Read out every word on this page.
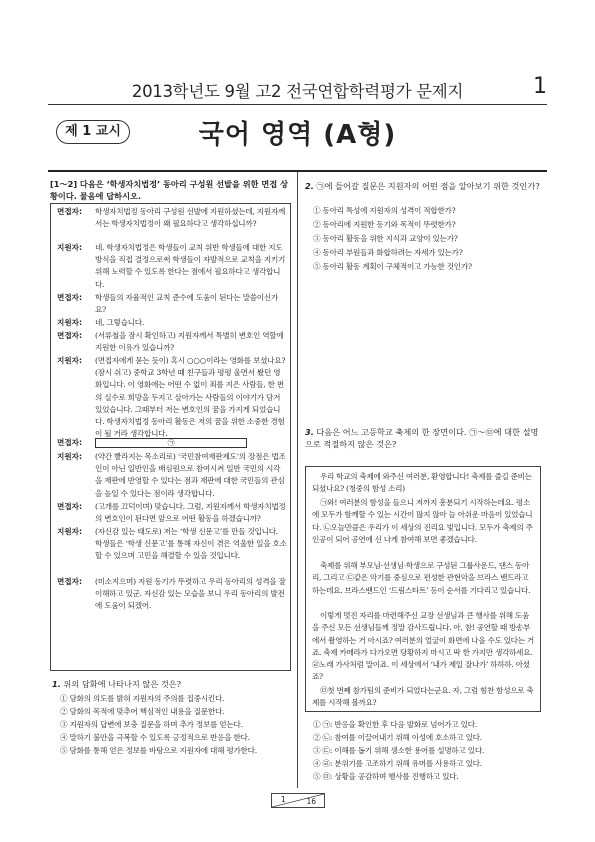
2013학년도 9월 고2 전국연합학력평가 문제지	1
제 1 교시	국어 영역 (A형)
[1～2] 다음은 ‘학생자치법정’ 동아리 구성원 선발을 위한 면접 상황이다. 물음에 답하시오.
면접자:	학생자치법정 동아리 구성원 선발에 지원하셨는데, 지원자께서는 학생자치법정이 왜 필요하다고 생각하십니까?
지원자:	네. 학생자치법정은 학생들이 교칙 위반 학생들에 대한 지도 방식을 직접 결정으로써 학생들이 자발적으로 교칙을 지키기 위해 노력할 수 있도록 한다는 점에서 필요하다고 생각합니다.
면접자:	학생들의 자율적인 교칙 준수에 도움이 된다는 말씀이신가요?
지원자:	네, 그렇습니다.
면접자:	(서류철을 잠시 확인하고) 지원자께서 특별히 변호인 역할에 지원한 이유가 있습니까?
지원자:	(면접자에게 묻는 듯이) 혹시 ○○○이라는 영화를 보셨나요? (잠시 쉬고) 중학교 3학년 때 친구들과 평평 울면서 봤던 영화입니다. 이 영화에는 어떤 수 없이 죄를 지은 사람들, 한 번의 실수로 희망을 두지고 살아가는 사람들의 이야기가 담겨 있었습니다. 그때부터 저는 변호인의 꿈을 가지게 되었습니다. 학생자치법정 동아리 활동은 저의 꿈을 위한 소중한 경험이 될 거라 생각합니다.
면접자:	㉠
지원자:	(약간 빨라지는 목소리로) ‘국민참여재판제도’의 장점은 법조인이 아닌 일반인을 배심원으로 참여시켜 일반 국민의 시각을 재판에 반영할 수 있다는 점과 재판에 대한 국민들의 관심을 높일 수 있다는 점이라 생각합니다.
면접자:	(고개를 끄덕이며) 맞습니다. 그럼, 지원자께서 학생자치법정의 변호인이 된다면 앞으로 어떤 활동을 하겠습니까?
지원자:	(자신감 있는 태도로) 저는 ‘학생 신문고’를 만들 것입니다. 학생들은 ‘학생 신문고’를 통해 자신이 겪은 억울한 일을 호소할 수 있으며 고민을 해결할 수 있을 것입니다.
면접자:	(미소지으며) 지원 동기가 뚜렷하고 우리 동아리의 성격을 잘 이해하고 있군. 자신감 있는 모습을 보니 우리 동아리의 발전에 도움이 되겠어.
1. 위의 담화에 나타나지 않은 것은?
① 담화의 의도를 밝혀 지원자의 주의를 집중시킨다.
② 담화의 목적에 맞추어 핵심적인 내용을 질문한다.
③ 지원자의 답변에 보충 질문을 하며 추가 정보를 얻는다.
④ 말하기 불안을 극복할 수 있도록 긍정적으로 반응을 한다.
⑤ 담화를 통해 얻은 정보를 바탕으로 지원자에 대해 평가한다.
2. ㉠에 들어갈 질문은 지원자의 어떤 점을 알아보기 위한 것인가?
① 동아리 특성에 지원자의 성격이 적합한가?
② 동아리에 지원한 동기와 목적이 뚜렷한가?
③ 동아리 활동을 위한 지식과 교양이 있는가?
④ 동아리 부원들과 화합하려는 자세가 있는가?
⑤ 동아리 활동 계획이 구체적이고 가능한 것인가?
3. 다음은 어느 고등학교 축제의 한 장면이다. ㉠～㉤에 대한 설명으로 적절하지 않은 것은?
우리 학교의 축제에 와주신 여러분, 환영합니다! 축제를 즐길 준비는 되셨나요? (청중의 함성 소리)
㉠와! 여러분의 함성을 들으니 저까지 흥분되기 시작하는데요. 평소에 모두가 함께할 수 있는 시간이 많지 않아 늘 아쉬운 마음이 있었습니다. ㉡오늘만큼은 우리가 이 세상의 진리요 빛입니다. 모두가 축제의 주인공이 되어 공연에 신 나게 참여해 보면 좋겠습니다.
축제를 위해 부모님·선생님·학생으로 구성된 그룹사운드, 댄스 동아리, 그리고 ㉢같은 악기를 중심으로 편성한 관현악을 브라스 밴드라고 하는데요. 브라스밴드인 ‘드림스타트’ 등이 순서를 기다리고 있습니다.
이렇게 멋진 자리를 마련해주신 교장 선생님과 큰 행사를 위해 도움을 주신 모든 선생님들께 정말 감사드립니다. 아, 참! 공연할 때 방송부에서 촬영하는 거 아시죠? 여러분의 얼굴이 화면에 나올 수도 있다는 거죠. 축제 카메라가 다가오면 당황하지 마시고 딱 한 가지만 생각하세요. ㉣노래 가사처럼 말이죠. 이 세상에서 ‘내가 제일 잘나가’ 하하하. 아셨죠?
㉤첫 번째 참가팀의 준비가 되었다는군요. 자, 그럼 힘찬 함성으로 축제를 시작해 볼까요?
① ㉠: 반응을 확인한 후 다음 발화로 넘어가고 있다.
② ㉡: 참여를 이끌어내기 위해 이성에 호소하고 있다.
③ ㉢: 이해를 돕기 위해 생소한 용어를 설명하고 있다.
④ ㉣: 분위기를 고조하기 위해 유머를 사용하고 있다.
⑤ ㉤: 상황을 공감하며 행사를 진행하고 있다.
1	16
